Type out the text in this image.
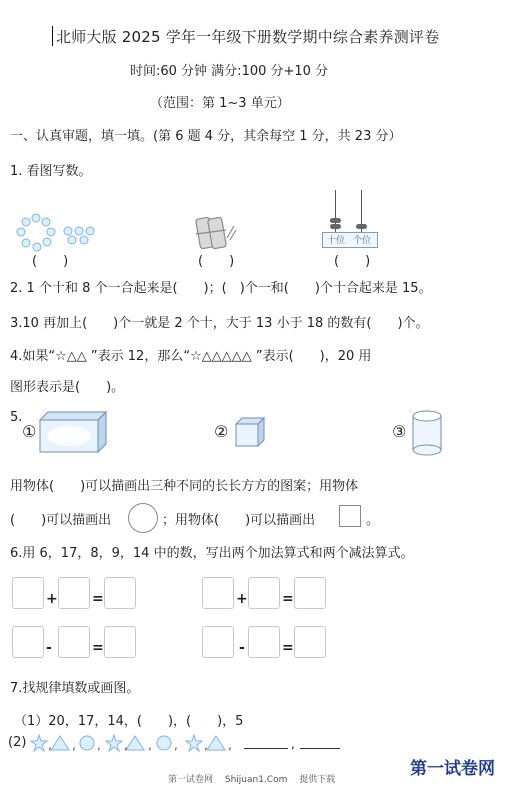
北师大版 2025 学年一年级下册数学期中综合素养测评卷
时间:60 分钟 满分:100 分+10 分
（范围：第 1~3 单元）
一、认真审题，填一填。(第 6 题 4 分，其余每空 1 分，共 23 分）
1. 看图写数。
(　　)	(　　)
十位 个位
(　　)
2. 1 个十和 8 个一合起来是(　　)；(　)个一和(　　)个十合起来是 15。
3.10 再加上(　　)个一就是 2 个十，大于 13 小于 18 的数有(　　)个。
4.如果“☆△△ ”表示 12，那么“☆△△△△△ ”表示(　　)，20 用
图形表示是(　　)。
5.
①	②	③
用物体(　　)可以描画出三种不同的长长方方的图案；用物体
(　　)可以描画出	；用物体(　　)可以描画出	。
6.用 6，17，8，9，14 中的数，写出两个加法算式和两个减法算式。
+ =	+ =
-	=	-	=
7.找规律填数或画图。
（1）20，17，14，(　　)，(　　)，5
(2) , , , , , , , ,	,
第一试卷网　 Shijuan1.Com　 提供下载
第一试卷网
